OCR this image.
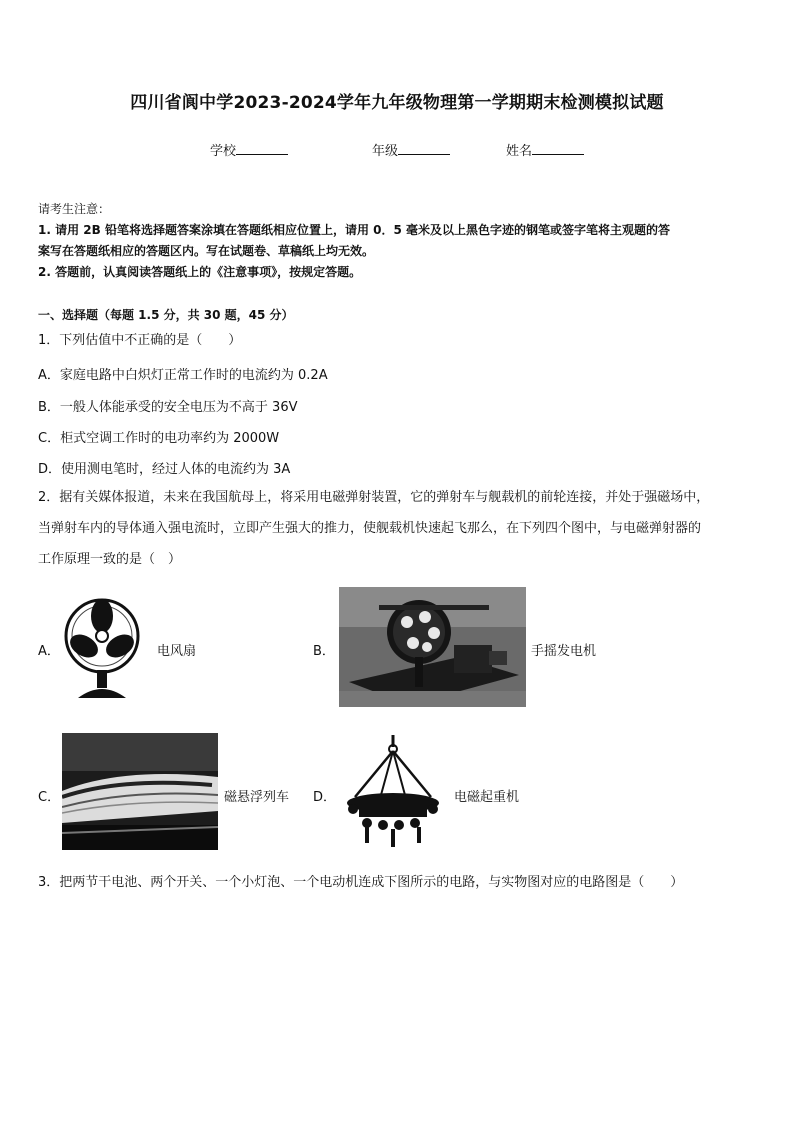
四川省阆中学2023-2024学年九年级物理第一学期期末检测模拟试题
学校	年级	姓名
请考生注意：
1. 请用 2B 铅笔将选择题答案涂填在答题纸相应位置上，请用 0．5 毫米及以上黑色字迹的钢笔或签字笔将主观题的答
案写在答题纸相应的答题区内。写在试题卷、草稿纸上均无效。
2. 答题前，认真阅读答题纸上的《注意事项》，按规定答题。
一、选择题（每题 1.5 分，共 30 题，45 分）
1．下列估值中不正确的是（　　）
A．家庭电路中白炽灯正常工作时的电流约为 0.2A
B．一般人体能承受的安全电压为不高于 36V
C．柜式空调工作时的电功率约为 2000W
D．使用测电笔时，经过人体的电流约为 3A
2．据有关媒体报道，未来在我国航母上，将采用电磁弹射装置，它的弹射车与舰载机的前轮连接，并处于强磁场中，
当弹射车内的导体通入强电流时，立即产生强大的推力，使舰载机快速起飞那么，在下列四个图中，与电磁弹射器的
工作原理一致的是（　）
A．	电风扇	B．	手摇发电机
C．	磁悬浮列车 D．	电磁起重机
3．把两节干电池、两个开关、一个小灯泡、一个电动机连成下图所示的电路，与实物图对应的电路图是（　　）
